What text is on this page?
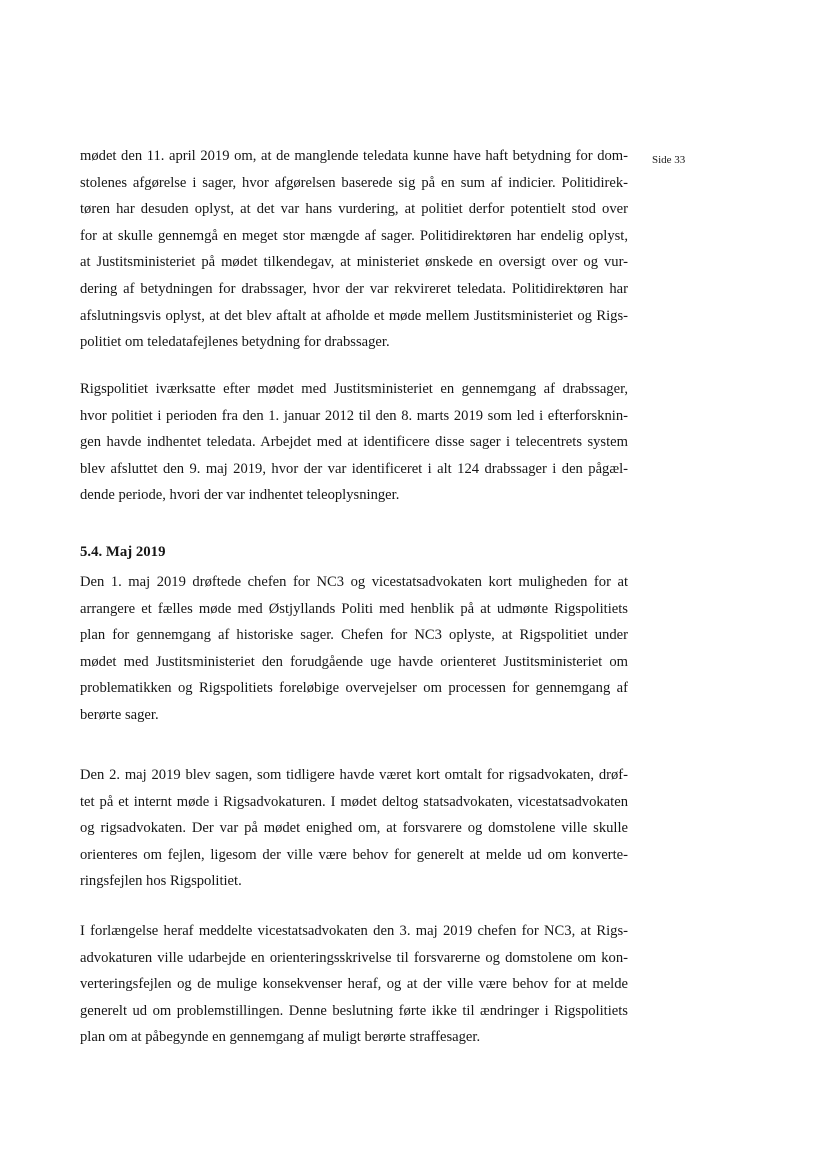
Side 33
mødet den 11. april 2019 om, at de manglende teledata kunne have haft betydning for dom-
stolenes afgørelse i sager, hvor afgørelsen baserede sig på en sum af indicier. Politidirek-
tøren har desuden oplyst, at det var hans vurdering, at politiet derfor potentielt stod over
for at skulle gennemgå en meget stor mængde af sager. Politidirektøren har endelig oplyst,
at Justitsministeriet på mødet tilkendegav, at ministeriet ønskede en oversigt over og vur-
dering af betydningen for drabssager, hvor der var rekvireret teledata. Politidirektøren har
afslutningsvis oplyst, at det blev aftalt at afholde et møde mellem Justitsministeriet og Rigs-
politiet om teledatafejlenes betydning for drabssager.
Rigspolitiet iværksatte efter mødet med Justitsministeriet en gennemgang af drabssager,
hvor politiet i perioden fra den 1. januar 2012 til den 8. marts 2019 som led i efterforsknin-
gen havde indhentet teledata. Arbejdet med at identificere disse sager i telecentrets system
blev afsluttet den 9. maj 2019, hvor der var identificeret i alt 124 drabssager i den pågæl-
dende periode, hvori der var indhentet teleoplysninger.
5.4. Maj 2019
Den 1. maj 2019 drøftede chefen for NC3 og vicestatsadvokaten kort muligheden for at
arrangere et fælles møde med Østjyllands Politi med henblik på at udmønte Rigspolitiets
plan for gennemgang af historiske sager. Chefen for NC3 oplyste, at Rigspolitiet under
mødet med Justitsministeriet den forudgående uge havde orienteret Justitsministeriet om
problematikken og Rigspolitiets foreløbige overvejelser om processen for gennemgang af
berørte sager.
Den 2. maj 2019 blev sagen, som tidligere havde været kort omtalt for rigsadvokaten, drøf-
tet på et internt møde i Rigsadvokaturen. I mødet deltog statsadvokaten, vicestatsadvokaten
og rigsadvokaten. Der var på mødet enighed om, at forsvarere og domstolene ville skulle
orienteres om fejlen, ligesom der ville være behov for generelt at melde ud om konverte-
ringsfejlen hos Rigspolitiet.
I forlængelse heraf meddelte vicestatsadvokaten den 3. maj 2019 chefen for NC3, at Rigs-
advokaturen ville udarbejde en orienteringsskrivelse til forsvarerne og domstolene om kon-
verteringsfejlen og de mulige konsekvenser heraf, og at der ville være behov for at melde
generelt ud om problemstillingen. Denne beslutning førte ikke til ændringer i Rigspolitiets
plan om at påbegynde en gennemgang af muligt berørte straffesager.
